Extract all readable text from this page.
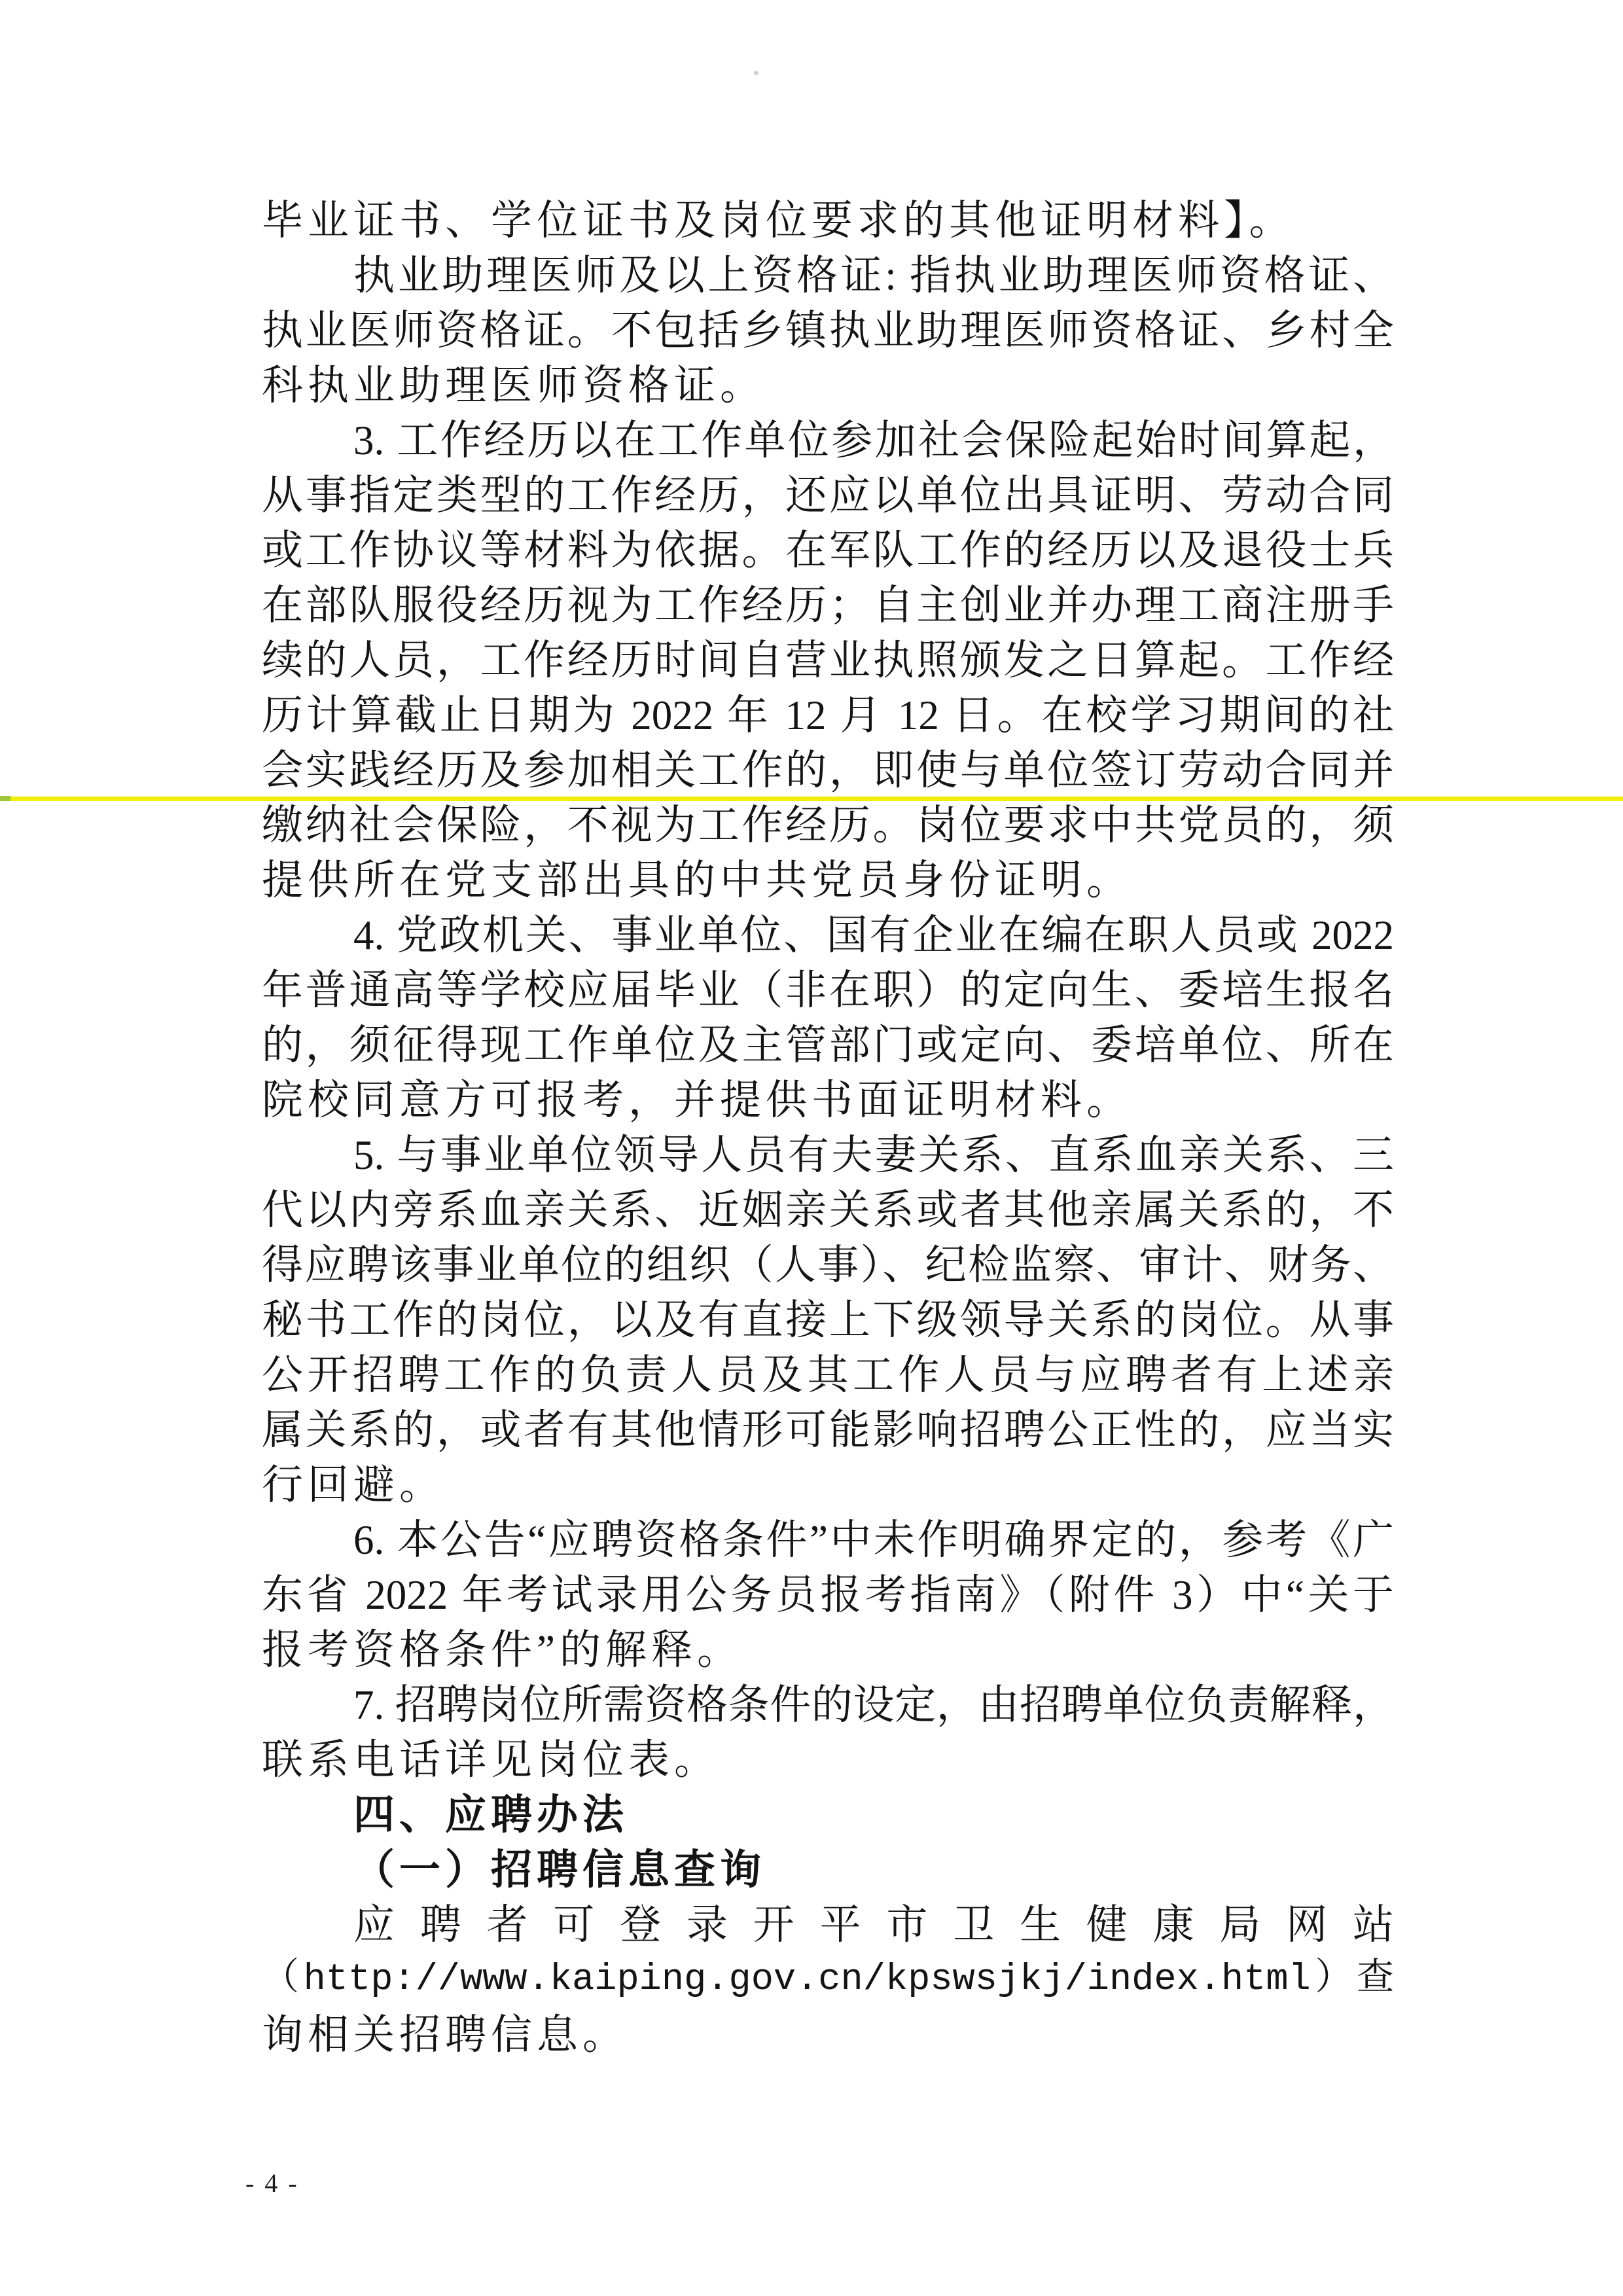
毕业证书、学位证书及岗位要求的其他证明材料】。
执业助理医师及以上资格证: 指执业助理医师资格证、
执业医师资格证。不包括乡镇执业助理医师资格证、乡村全
科执业助理医师资格证。
3. 工作经历以在工作单位参加社会保险起始时间算起，
从事指定类型的工作经历，还应以单位出具证明、劳动合同
或工作协议等材料为依据。在军队工作的经历以及退役士兵
在部队服役经历视为工作经历；自主创业并办理工商注册手
续的人员，工作经历时间自营业执照颁发之日算起。工作经
历计算截止日期为 2022 年 12 月 12 日。在校学习期间的社
会实践经历及参加相关工作的，即使与单位签订劳动合同并
缴纳社会保险，不视为工作经历。岗位要求中共党员的，须
提供所在党支部出具的中共党员身份证明。
4. 党政机关、事业单位、国有企业在编在职人员或 2022
年普通高等学校应届毕业（非在职）的定向生、委培生报名
的，须征得现工作单位及主管部门或定向、委培单位、所在
院校同意方可报考，并提供书面证明材料。
5. 与事业单位领导人员有夫妻关系、直系血亲关系、三
代以内旁系血亲关系、近姻亲关系或者其他亲属关系的，不
得应聘该事业单位的组织（人事）、纪检监察、审计、财务、
秘书工作的岗位，以及有直接上下级领导关系的岗位。从事
公开招聘工作的负责人员及其工作人员与应聘者有上述亲
属关系的，或者有其他情形可能影响招聘公正性的，应当实
行回避。
6. 本公告“应聘资格条件”中未作明确界定的，参考《广
东省 2022 年考试录用公务员报考指南》（附件 3）中“关于
报考资格条件”的解释。
7. 招聘岗位所需资格条件的设定，由招聘单位负责解释，
联系电话详见岗位表。
四、应聘办法
（一）招聘信息查询
应聘者可登录开平市卫生健康局网站
（http://www.kaiping.gov.cn/kpswsjkj/index.html）查
询相关招聘信息。
- 4 -
